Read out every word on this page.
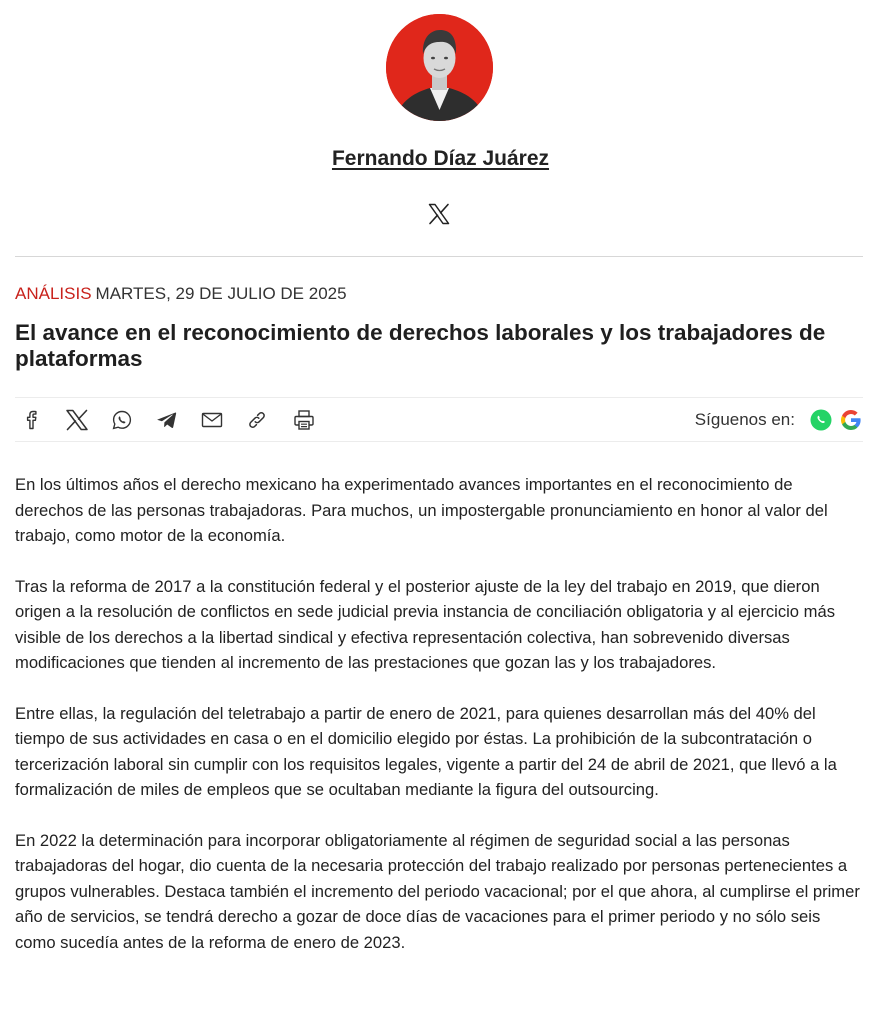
Fernando Díaz Juárez
ANÁLISIS MARTES, 29 DE JULIO DE 2025
El avance en el reconocimiento de derechos laborales y los trabajadores de plataformas
Síguenos en:

En los últimos años el derecho mexicano ha experimentado avances importantes en el reconocimiento de derechos de las personas trabajadoras. Para muchos, un impostergable pronunciamiento en honor al valor del trabajo, como motor de la economía.

Tras la reforma de 2017 a la constitución federal y el posterior ajuste de la ley del trabajo en 2019, que dieron origen a la resolución de conflictos en sede judicial previa instancia de conciliación obligatoria y al ejercicio más visible de los derechos a la libertad sindical y efectiva representación colectiva, han sobrevenido diversas modificaciones que tienden al incremento de las prestaciones que gozan las y los trabajadores.

Entre ellas, la regulación del teletrabajo a partir de enero de 2021, para quienes desarrollan más del 40% del tiempo de sus actividades en casa o en el domicilio elegido por éstas. La prohibición de la subcontratación o tercerización laboral sin cumplir con los requisitos legales, vigente a partir del 24 de abril de 2021, que llevó a la formalización de miles de empleos que se ocultaban mediante la figura del outsourcing.

En 2022 la determinación para incorporar obligatoriamente al régimen de seguridad social a las personas trabajadoras del hogar, dio cuenta de la necesaria protección del trabajo realizado por personas pertenecientes a grupos vulnerables. Destaca también el incremento del periodo vacacional; por el que ahora, al cumplirse el primer año de servicios, se tendrá derecho a gozar de doce días de vacaciones para el primer periodo y no sólo seis como sucedía antes de la reforma de enero de 2023.
